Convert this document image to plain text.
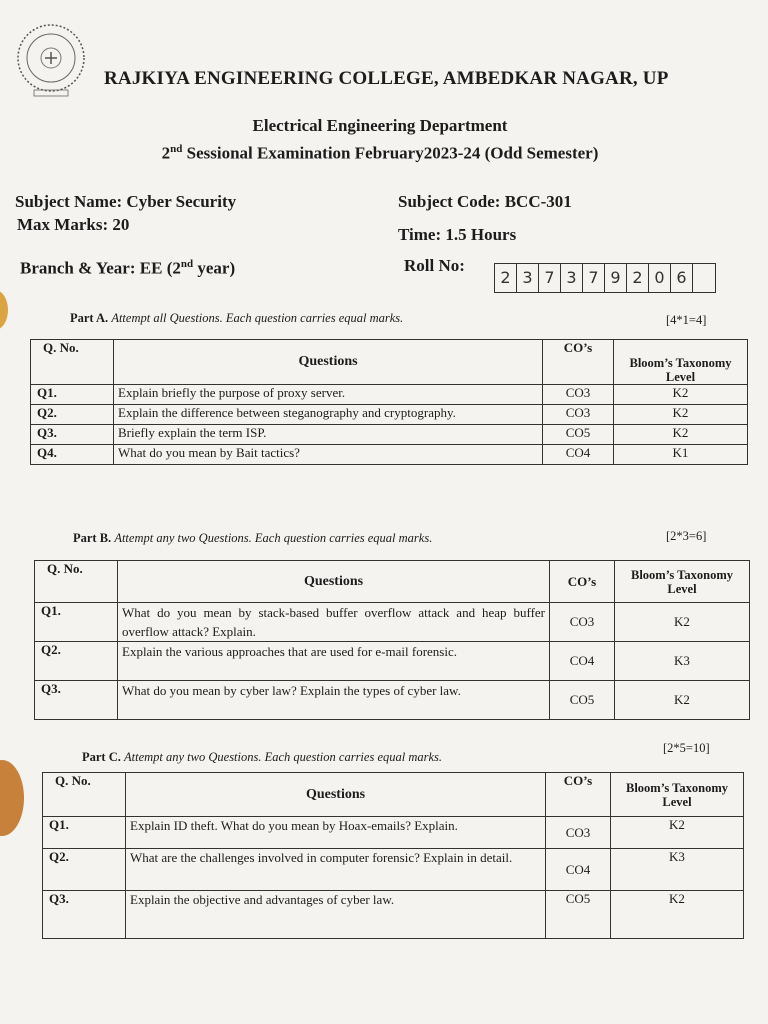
RAJKIYA ENGINEERING COLLEGE, AMBEDKAR NAGAR, UP
Electrical Engineering Department
2nd Sessional Examination February2023-24 (Odd Semester)
Subject Name: Cyber Security	Subject Code: BCC-301
Max Marks: 20
Time: 1.5 Hours
Branch & Year: EE (2nd year)	Roll No:
2 3 7 3 7 9 2 0 6
Part A. Attempt all Questions. Each question carries equal marks.	[4*1=4]
Q. No.	Questions	CO’s	Bloom’s Taxonomy Level
Q1.	Explain briefly the purpose of proxy server.	CO3	K2
Q2.	Explain the difference between steganography and cryptography.	CO3	K2
Q3.	Briefly explain the term ISP.	CO5	K2
Q4.	What do you mean by Bait tactics?	CO4	K1
Part B. Attempt any two Questions. Each question carries equal marks.	[2*3=6]
Q. No.	Questions	CO’s	Bloom’s Taxonomy Level
Q1.	What do you mean by stack-based buffer overflow attack and heap buffer overflow attack? Explain.	CO3	K2
Q2.	Explain the various approaches that are used for e-mail forensic.	CO4	K3
Q3.	What do you mean by cyber law? Explain the types of cyber law.	CO5	K2
Part C. Attempt any two Questions. Each question carries equal marks.
[2*5=10]
Q. No.	Questions	CO’s	Bloom’s Taxonomy Level
Q1.	Explain ID theft. What do you mean by Hoax-emails? Explain.	CO3	K2
Q2.	What are the challenges involved in computer forensic? Explain in detail.	CO4	K3
Q3.	Explain the objective and advantages of cyber law.	CO5	K2
